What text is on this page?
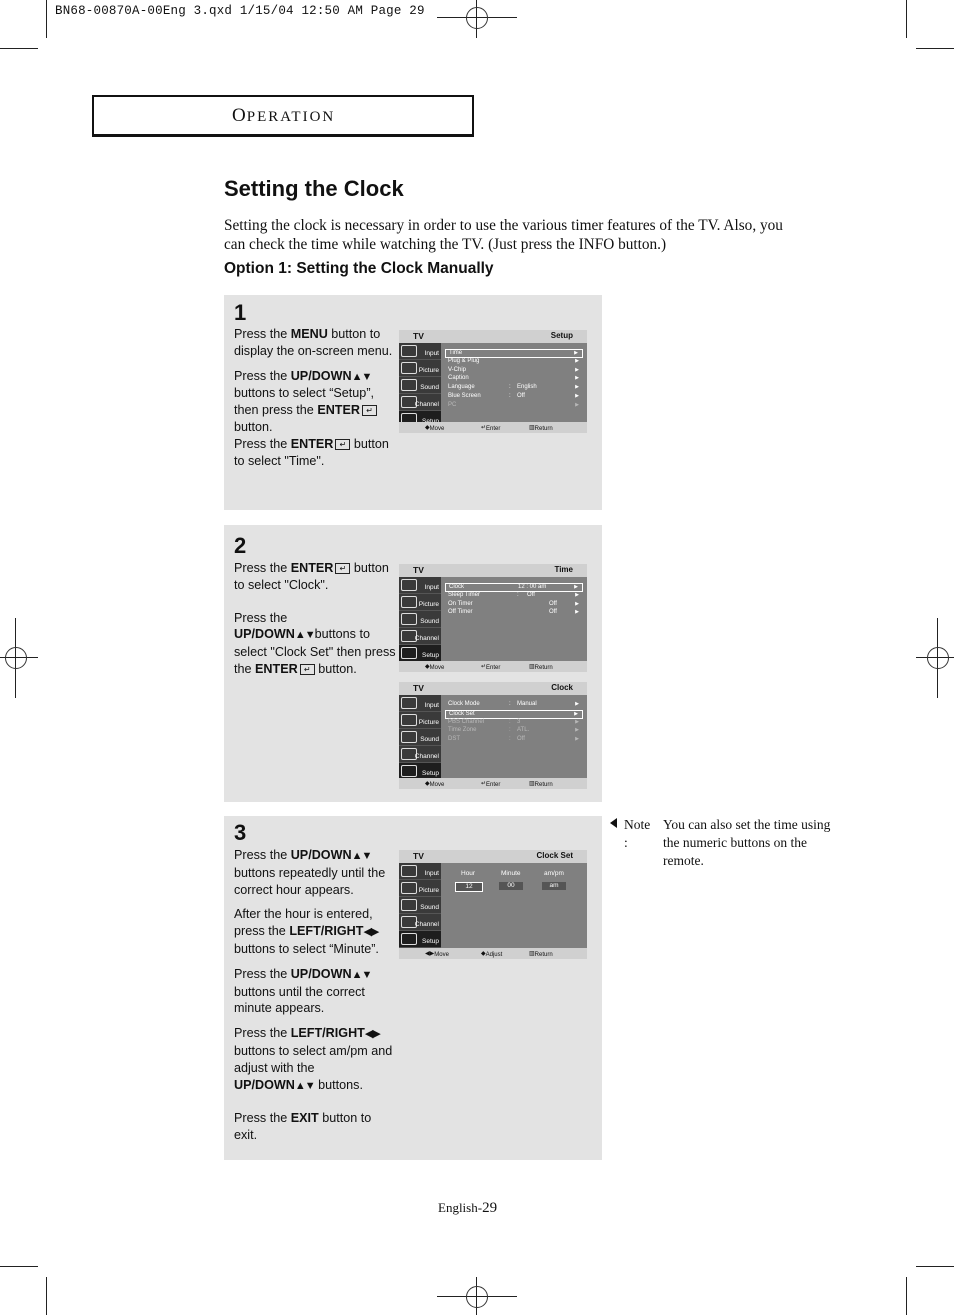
BN68-00870A-00Eng 3.qxd 1/15/04 12:50 AM Page 29
OPERATION
Setting the Clock
Setting the clock is necessary in order to use the various timer features of the TV. Also, you can check the time while watching the TV. (Just press the INFO button.)
Option 1: Setting the Clock Manually
1

Press the MENU button to display the on-screen menu.

Press the UP/DOWN▲▼ buttons to select “Setup”, then press the ENTER ↵ button.
Press the ENTER ↵ button to select "Time".

TV	Setup
Input
Picture
Sound
Channel
Time	▶
Plug & Plug	▶
V-Chip	▶
Caption	▶
Language	: English	▶
Blue Screen	: Off	▶
PC	▶
◆ Move	↵ Enter	▥ Return
2

Press the ENTER ↵ button to select "Clock".

Press the UP/DOWN▲▼buttons to select "Clock Set" then press the ENTER ↵ button.

TV	Time
Input
Picture
Sound
Channel
Setup
Clock	12 : 00 am	▶
Sleep Timer	: Off	▶
On Timer	Off	▶
Off Timer	Off	▶
◆ Move	↵ Enter	▥ Return
TV	Clock
Input
Picture
Sound
Channel
Setup
Clock Mode	: Manual	▶
Clock Set	▶
PBS Channel	: 3	▶
Time Zone	: ATL.	▶
DST	: Off	▶
◆ Move	↵ Enter	▥ Return
3

Press the UP/DOWN▲▼ buttons repeatedly until the correct hour appears.

After the hour is entered, press the LEFT/RIGHT◀▶ buttons to select “Minute”.

Press the UP/DOWN▲▼ buttons until the correct minute appears.

Press the LEFT/RIGHT◀▶ buttons to select am/pm and adjust with the UP/DOWN▲▼ buttons.

Press the EXIT button to exit.

TV	Clock Set
Input
Picture
Sound
Channel
Setup
Hour	Minute	am/pm
12	00	am
◀▶ Move	◆ Adjust	▥ Return
Note :
You can also set the time using the numeric buttons on the remote.
English-29
